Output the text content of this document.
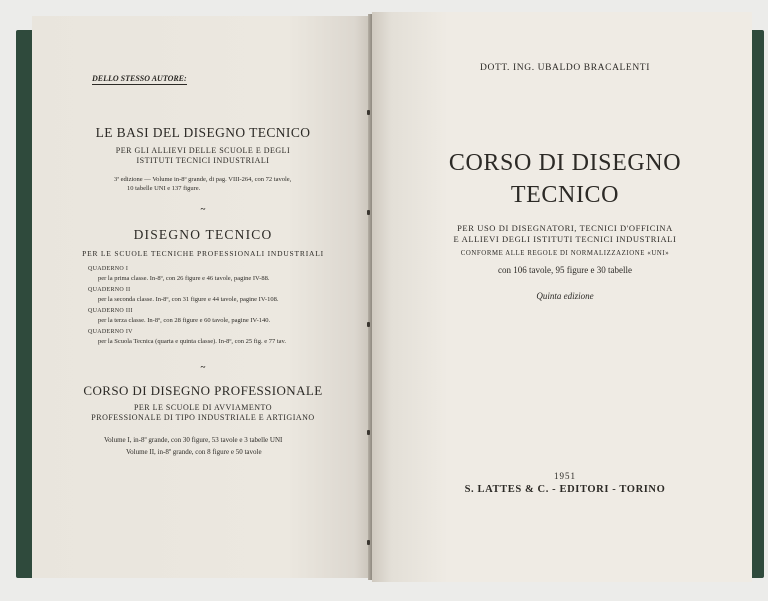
DELLO STESSO AUTORE:
LE BASI DEL DISEGNO TECNICO
PER GLI ALLIEVI DELLE SCUOLE E DEGLI
ISTITUTI TECNICI INDUSTRIALI
3ª edizione — Volume in-8º grande, di pag. VIII-264, con 72 tavole,
10 tabelle UNI e 137 figure.
~
DISEGNO TECNICO
PER LE SCUOLE TECNICHE PROFESSIONALI INDUSTRIALI
QUADERNO I
per la prima classe. In-8º, con 26 figure e 46 tavole, pagine IV-88.
QUADERNO II
per la seconda classe. In-8º, con 31 figure e 44 tavole, pagine IV-108.
QUADERNO III
per la terza classe. In-8º, con 28 figure e 60 tavole, pagine IV-140.
QUADERNO IV
per la Scuola Tecnica (quarta e quinta classe). In-8º, con 25 fig. e 77 tav.
~
CORSO DI DISEGNO PROFESSIONALE
PER LE SCUOLE DI AVVIAMENTO
PROFESSIONALE DI TIPO INDUSTRIALE E ARTIGIANO
Volume I, in-8º grande, con 30 figure, 53 tavole e 3 tabelle UNI
Volume II, in-8º grande, con 8 figure e 50 tavole
DOTT. ING. UBALDO BRACALENTI
CORSO DI DISEGNO
TECNICO
PER USO DI DISEGNATORI, TECNICI D'OFFICINA
E ALLIEVI DEGLI ISTITUTI TECNICI INDUSTRIALI
CONFORME ALLE REGOLE DI NORMALIZZAZIONE «UNI»
con 106 tavole, 95 figure e 30 tabelle
Quinta edizione
1951
S. LATTES & C. - EDITORI - TORINO
